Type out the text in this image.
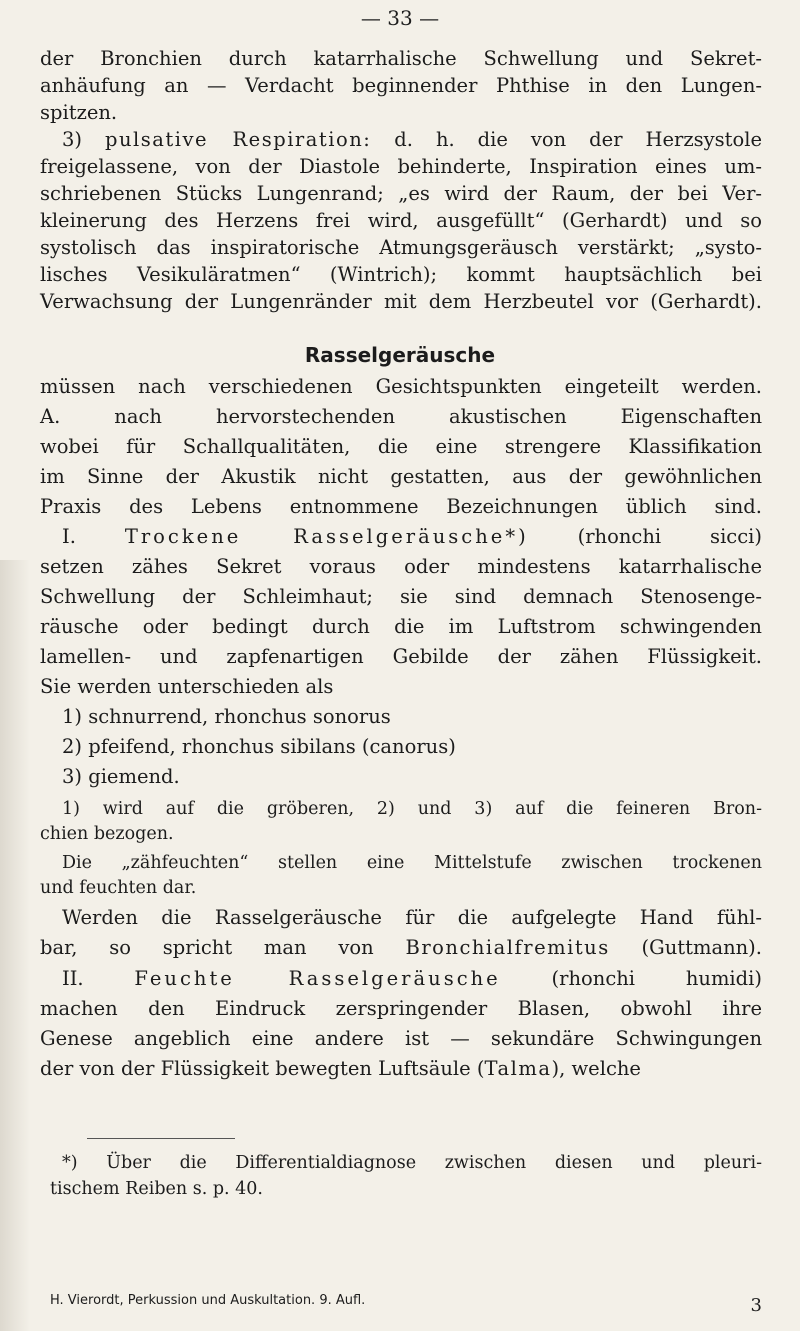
— 33 —
der Bronchien durch katarrhalische Schwellung und Sekret-
anhäufung an — Verdacht beginnender Phthise in den Lungen-
spitzen.
3) pulsative Respiration: d. h. die von der Herzsystole
freigelassene, von der Diastole behinderte, Inspiration eines um-
schriebenen Stücks Lungenrand; „es wird der Raum, der bei Ver-
kleinerung des Herzens frei wird, ausgefüllt“ (Gerhardt) und so
systolisch das inspiratorische Atmungsgeräusch verstärkt; „systo-
lisches Vesikuläratmen“ (Wintrich); kommt hauptsächlich bei
Verwachsung der Lungenränder mit dem Herzbeutel vor (Gerhardt).
Rasselgeräusche
müssen nach verschiedenen Gesichtspunkten eingeteilt werden.
A. nach hervorstechenden akustischen Eigenschaften
wobei für Schallqualitäten, die eine strengere Klassifikation
im Sinne der Akustik nicht gestatten, aus der gewöhnlichen
Praxis des Lebens entnommene Bezeichnungen üblich sind.
I.	Trockene Rasselgeräusche*)	(rhonchi sicci)
setzen zähes Sekret voraus oder mindestens katarrhalische
Schwellung der Schleimhaut; sie sind demnach Stenosenge-
räusche oder bedingt durch die im Luftstrom schwingenden
lamellen- und zapfenartigen Gebilde der zähen Flüssigkeit.
Sie werden unterschieden als
1) schnurrend, rhonchus sonorus
2) pfeifend, rhonchus sibilans (canorus)
3) giemend.
1) wird auf die gröberen, 2) und 3) auf die feineren Bron-
chien bezogen.
Die „zähfeuchten“ stellen eine Mittelstufe zwischen trockenen
und feuchten dar.
Werden die Rasselgeräusche für die aufgelegte Hand fühl-
bar, so spricht man von Bronchialfremitus (Guttmann).
II.	Feuchte Rasselgeräusche	(rhonchi humidi)
machen den Eindruck zerspringender Blasen, obwohl ihre
Genese angeblich eine andere ist — sekundäre Schwingungen
der von der Flüssigkeit bewegten Luftsäule (Talma), welche
*) Über die Differentialdiagnose zwischen diesen und pleuri-
tischem Reiben s. p. 40.
H. Vierordt, Perkussion und Auskultation. 9. Aufl.	3
